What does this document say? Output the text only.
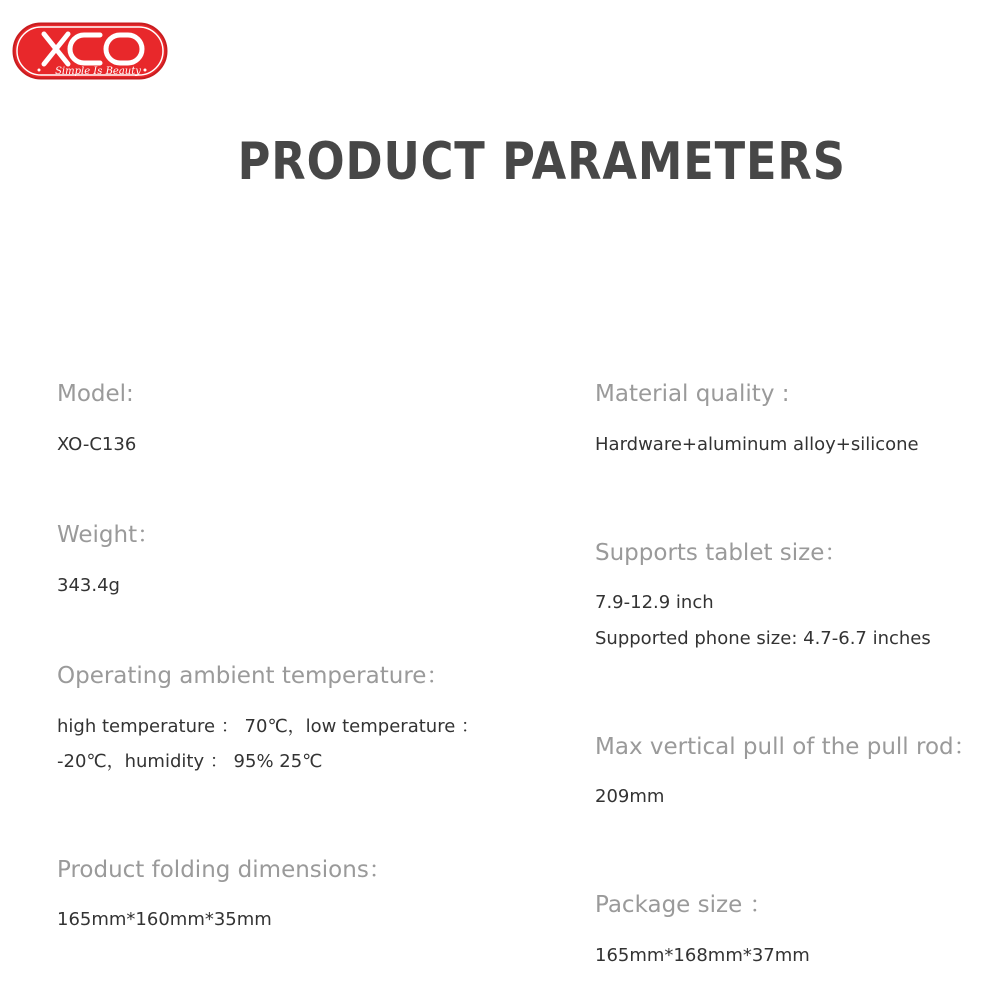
Simple Is Beauty
PRODUCT PARAMETERS
Model:
XO-C136
Weight：
343.4g
Operating ambient temperature：
high temperature ： 70℃，low temperature ：
-20℃，humidity ： 95% 25℃
Product folding dimensions：
165mm*160mm*35mm
Material quality :
Hardware+aluminum alloy+silicone
Supports tablet size：
7.9-12.9 inch
Supported phone size: 4.7-6.7 inches
Max vertical pull of the pull rod：
209mm
Package size ：
165mm*168mm*37mm
